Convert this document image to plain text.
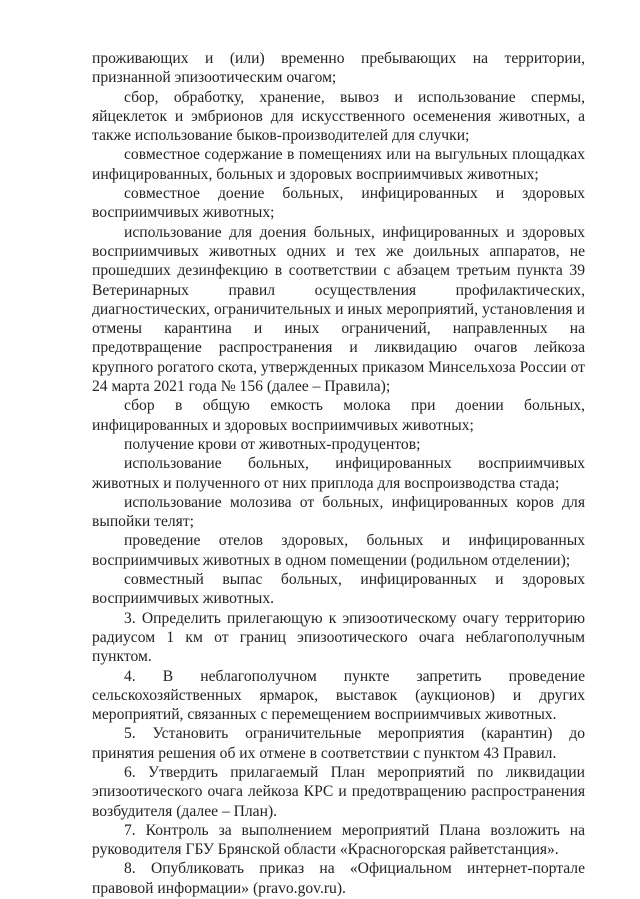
проживающих и (или) временно пребывающих на территории, признанной эпизоотическим очагом;

сбор, обработку, хранение, вывоз и использование спермы, яйцеклеток и эмбрионов для искусственного осеменения животных, а также использование быков-производителей для случки;

совместное содержание в помещениях или на выгульных площадках инфицированных, больных и здоровых восприимчивых животных;

совместное доение больных, инфицированных и здоровых восприимчивых животных;

использование для доения больных, инфицированных и здоровых восприимчивых животных одних и тех же доильных аппаратов, не прошедших дезинфекцию в соответствии с абзацем третьим пункта 39 Ветеринарных правил осуществления профилактических, диагностических, ограничительных и иных мероприятий, установления и отмены карантина и иных ограничений, направленных на предотвращение распространения и ликвидацию очагов лейкоза крупного рогатого скота, утвержденных приказом Минсельхоза России от 24 марта 2021 года № 156 (далее – Правила);

сбор в общую емкость молока при доении больных, инфицированных и здоровых восприимчивых животных;

получение крови от животных-продуцентов;

использование больных, инфицированных восприимчивых животных и полученного от них приплода для воспроизводства стада;

использование молозива от больных, инфицированных коров для выпойки телят;

проведение отелов здоровых, больных и инфицированных восприимчивых животных в одном помещении (родильном отделении);

совместный выпас больных, инфицированных и здоровых восприимчивых животных.

3. Определить прилегающую к эпизоотическому очагу территорию радиусом 1 км от границ эпизоотического очага неблагополучным пунктом.

4. В неблагополучном пункте запретить проведение сельскохозяйственных ярмарок, выставок (аукционов) и других мероприятий, связанных с перемещением восприимчивых животных.

5. Установить ограничительные мероприятия (карантин) до принятия решения об их отмене в соответствии с пунктом 43 Правил.

6. Утвердить прилагаемый План мероприятий по ликвидации эпизоотического очага лейкоза КРС и предотвращению распространения возбудителя (далее – План).

7. Контроль за выполнением мероприятий Плана возложить на руководителя ГБУ Брянской области «Красногорская райветстанция».

8. Опубликовать приказ на «Официальном интернет-портале правовой информации» (pravo.gov.ru).
